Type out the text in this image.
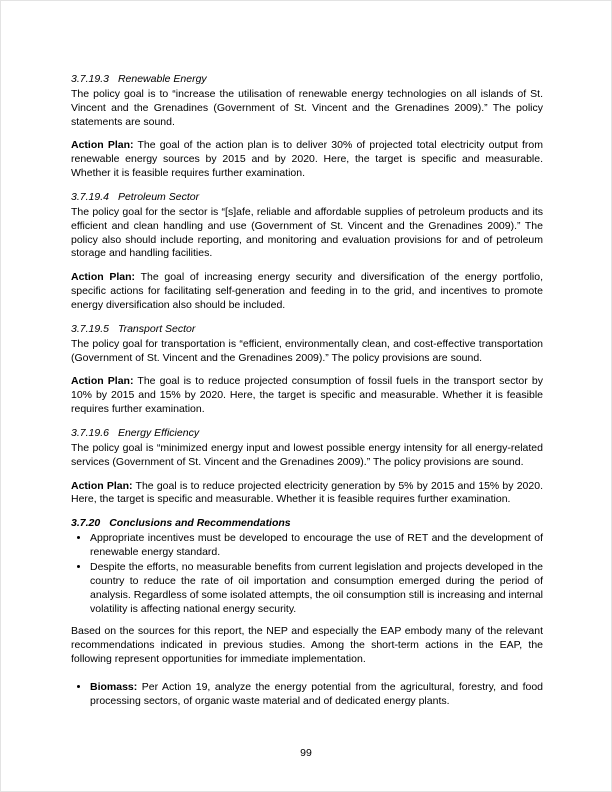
3.7.19.3 Renewable Energy

The policy goal is to “increase the utilisation of renewable energy technologies on all islands of St. Vincent and the Grenadines (Government of St. Vincent and the Grenadines 2009).” The policy statements are sound.

Action Plan: The goal of the action plan is to deliver 30% of projected total electricity output from renewable energy sources by 2015 and by 2020. Here, the target is specific and measurable. Whether it is feasible requires further examination.

3.7.19.4 Petroleum Sector

The policy goal for the sector is “[s]afe, reliable and affordable supplies of petroleum products and its efficient and clean handling and use (Government of St. Vincent and the Grenadines 2009).” The policy also should include reporting, and monitoring and evaluation provisions for and of petroleum storage and handling facilities.

Action Plan: The goal of increasing energy security and diversification of the energy portfolio, specific actions for facilitating self-generation and feeding in to the grid, and incentives to promote energy diversification also should be included.

3.7.19.5 Transport Sector

The policy goal for transportation is “efficient, environmentally clean, and cost-effective transportation (Government of St. Vincent and the Grenadines 2009).” The policy provisions are sound.

Action Plan: The goal is to reduce projected consumption of fossil fuels in the transport sector by 10% by 2015 and 15% by 2020. Here, the target is specific and measurable. Whether it is feasible requires further examination.

3.7.19.6 Energy Efficiency

The policy goal is “minimized energy input and lowest possible energy intensity for all energy-related services (Government of St. Vincent and the Grenadines 2009).” The policy provisions are sound.

Action Plan: The goal is to reduce projected electricity generation by 5% by 2015 and 15% by 2020. Here, the target is specific and measurable. Whether it is feasible requires further examination.

3.7.20 Conclusions and Recommendations
• Appropriate incentives must be developed to encourage the use of RET and the development of renewable energy standard.
• Despite the efforts, no measurable benefits from current legislation and projects developed in the country to reduce the rate of oil importation and consumption emerged during the period of analysis. Regardless of some isolated attempts, the oil consumption still is increasing and internal volatility is affecting national energy security.

Based on the sources for this report, the NEP and especially the EAP embody many of the relevant recommendations indicated in previous studies. Among the short-term actions in the EAP, the following represent opportunities for immediate implementation.

• Biomass: Per Action 19, analyze the energy potential from the agricultural, forestry, and food processing sectors, of organic waste material and of dedicated energy plants.
99
